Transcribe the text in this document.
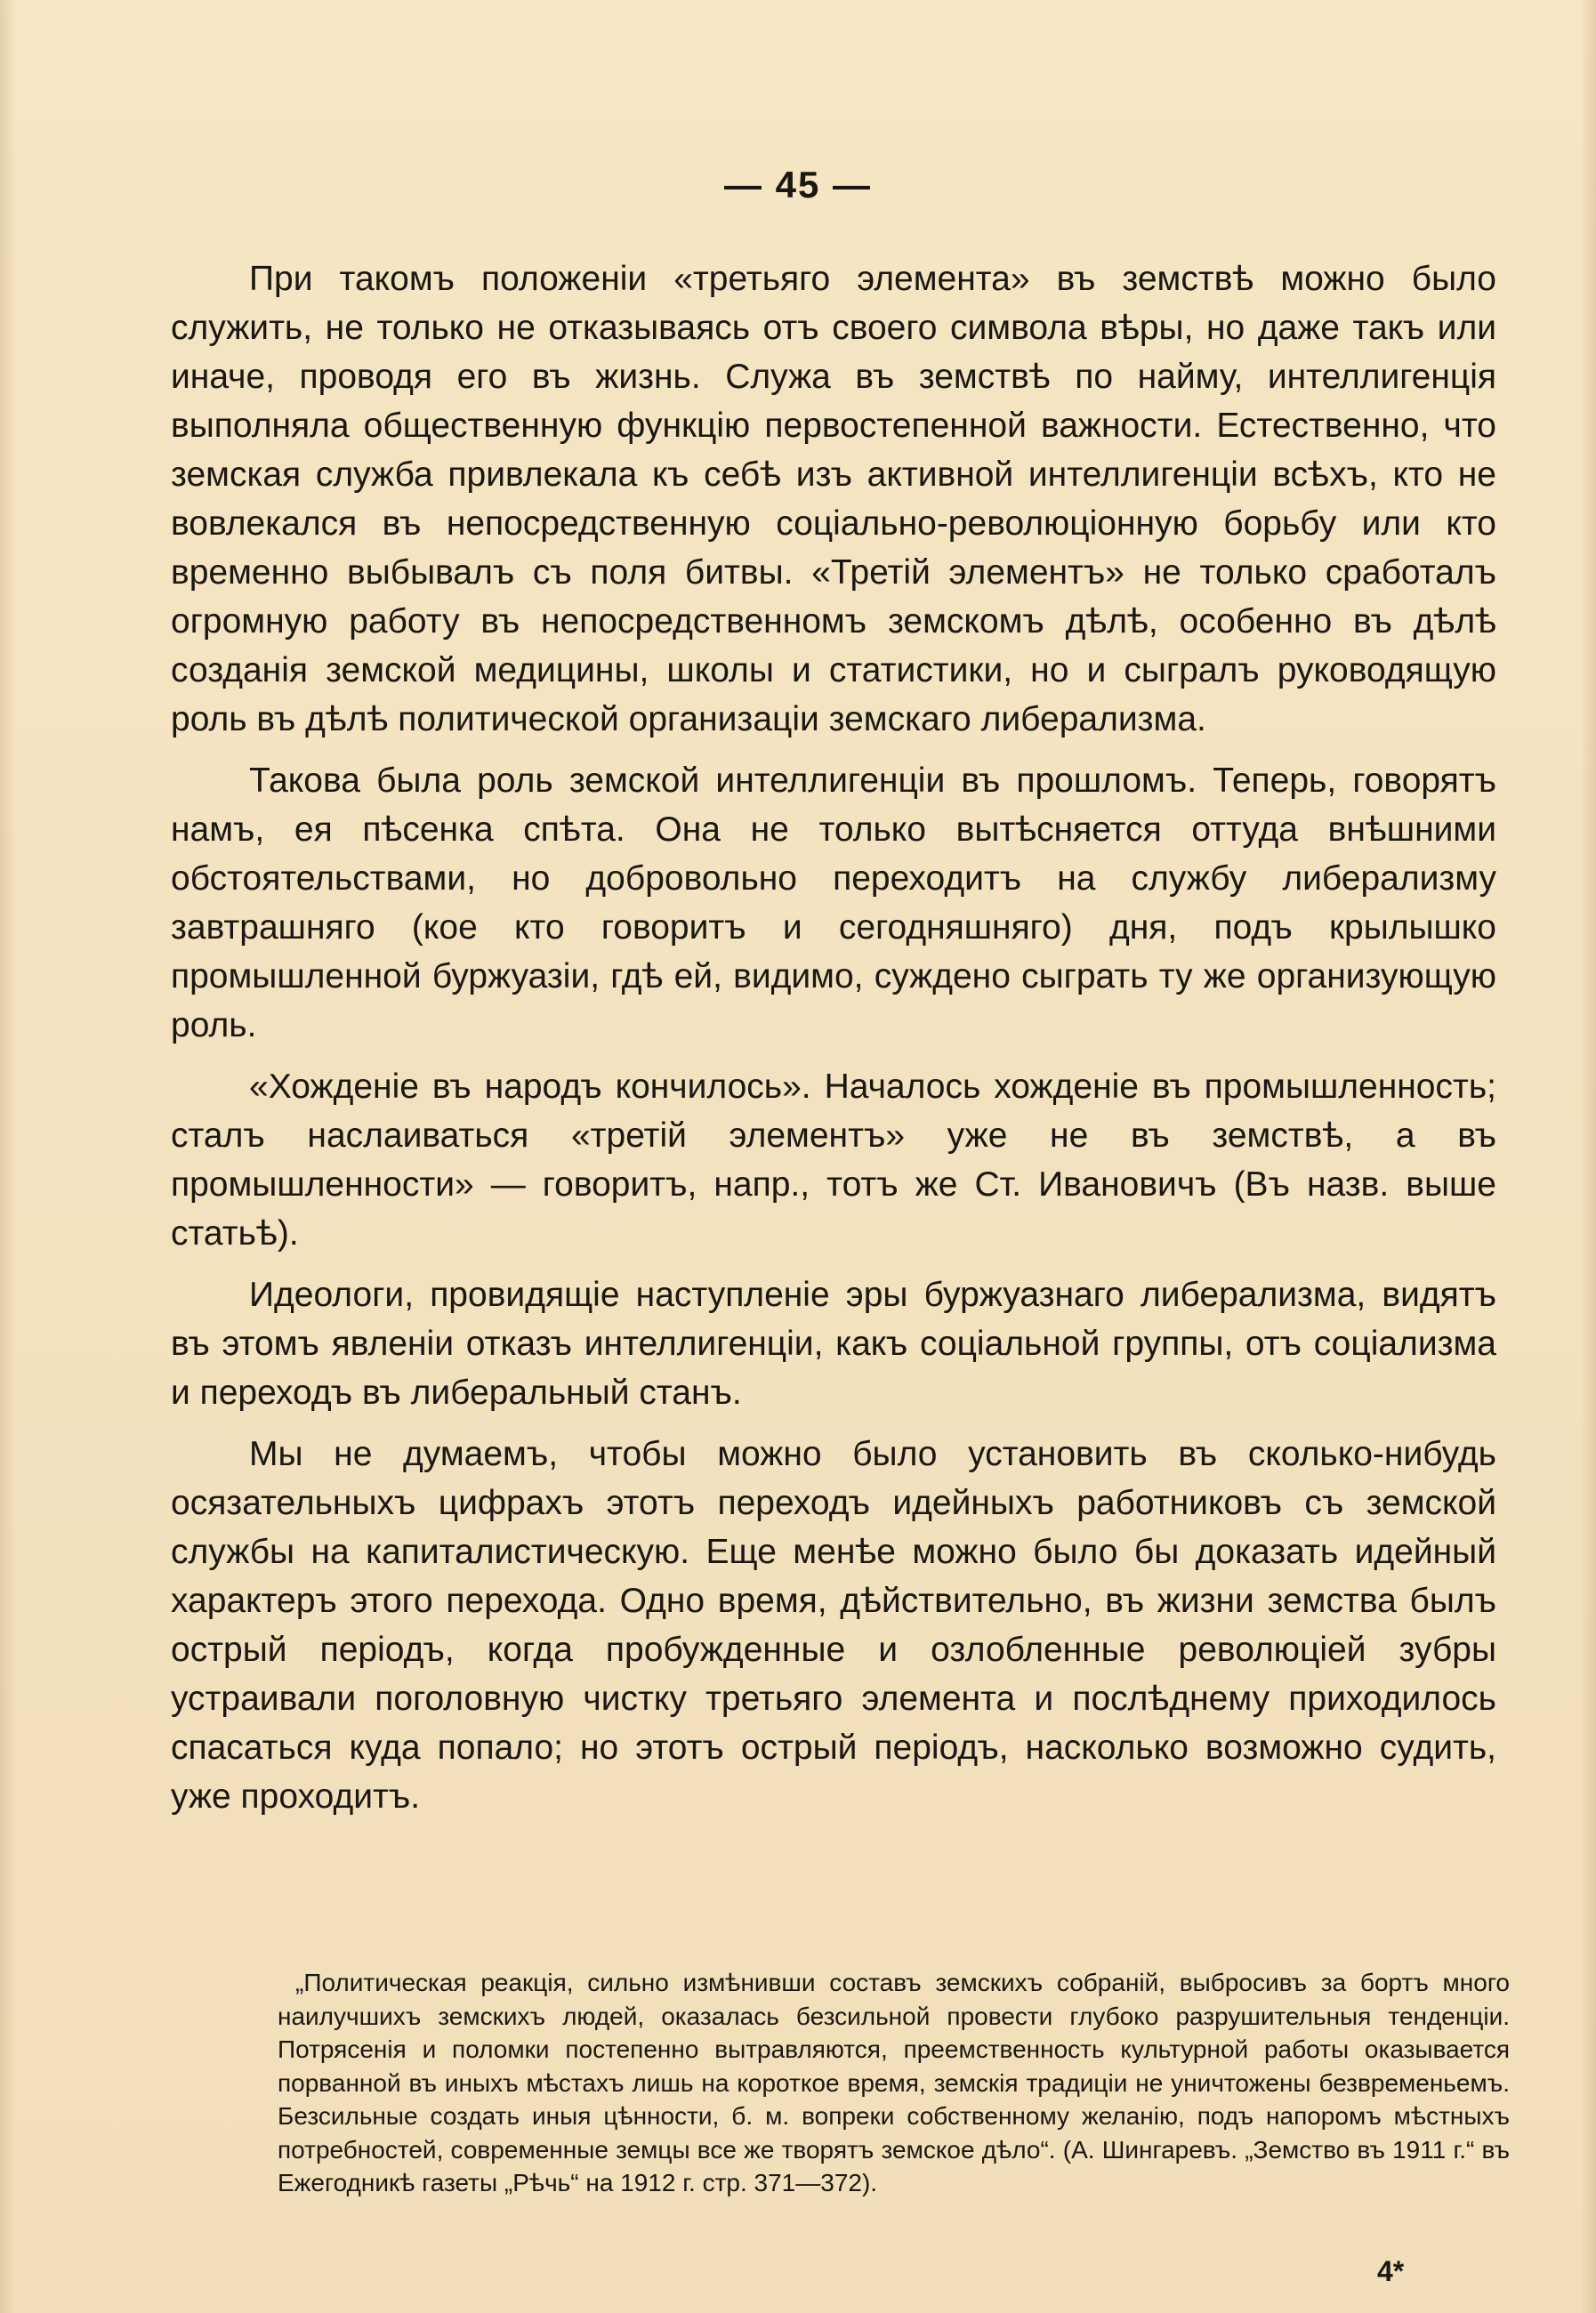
— 45 —

При такомъ положенiи «третьяго элемента» въ земствѣ можно было служить, не только не отказываясь отъ своего символа вѣры, но даже такъ или иначе, проводя его въ жизнь. Служа въ земствѣ по найму, интеллигенцiя выполняла общественную функцiю первостепенной важности. Естественно, что земская служба привлекала къ себѣ изъ активной интеллигенцiи всѣхъ, кто не вовлекался въ непосредственную соцiально-революцiонную борьбу или кто временно выбывалъ съ поля битвы. «Третiй элементъ» не только сработалъ огромную работу въ непосредственномъ земскомъ дѣлѣ, особенно въ дѣлѣ созданiя земской медицины, школы и статистики, но и сыгралъ руководящую роль въ дѣлѣ политической организацiи земскаго либерализма.

Такова была роль земской интеллигенцiи въ прошломъ. Теперь, говорятъ намъ, ея пѣсенка спѣта. Она не только вытѣсняется оттуда внѣшними обстоятельствами, но добровольно переходитъ на службу либерализму завтрашняго (кое кто говоритъ и сегодняшняго) дня, подъ крылышко промышленной буржуазiи, гдѣ ей, видимо, суждено сыграть ту же организующую роль.

«Хожденiе въ народъ кончилось». Началось хожденiе въ промышленность; сталъ наслаиваться «третiй элементъ» уже не въ земствѣ, а въ промышленности» — говоритъ, напр., тотъ же Ст. Ивановичъ (Въ назв. выше статьѣ).

Идеологи, провидящiе наступленiе эры буржуазнаго либерализма, видятъ въ этомъ явленiи отказъ интеллигенцiи, какъ соцiальной группы, отъ соцiализма и переходъ въ либеральный станъ.

Мы не думаемъ, чтобы можно было установить въ сколько-нибудь осязательныхъ цифрахъ этотъ переходъ идейныхъ работниковъ съ земской службы на капиталистическую. Еще менѣе можно было бы доказать идейный характеръ этого перехода. Одно время, дѣйствительно, въ жизни земства былъ острый перiодъ, когда пробужденные и озлобленные революцiей зубры устраивали поголовную чистку третьяго элемента и послѣднему приходилось спасаться куда попало; но этотъ острый перiодъ, насколько возможно судить, уже проходитъ.

„Политическая реакцiя, сильно измѣнивши составъ земскихъ собранiй, выбросивъ за бортъ много наилучшихъ земскихъ людей, оказалась безсильной провести глубоко разрушительныя тенденцiи. Потрясенiя и поломки постепенно вытравляются, преемственность культурной работы оказывается порванной въ иныхъ мѣстахъ лишь на короткое время, земскiя традицiи не уничтожены безвременьемъ. Безсильные создать иныя цѣнности, б. м. вопреки собственному желанiю, подъ напоромъ мѣстныхъ потребностей, современные земцы все же творятъ земское дѣло“. (А. Шингаревъ. „Земство въ 1911 г.“ въ Ежегодникѣ газеты „Рѣчь“ на 1912 г. стр. 371—372).
4*
